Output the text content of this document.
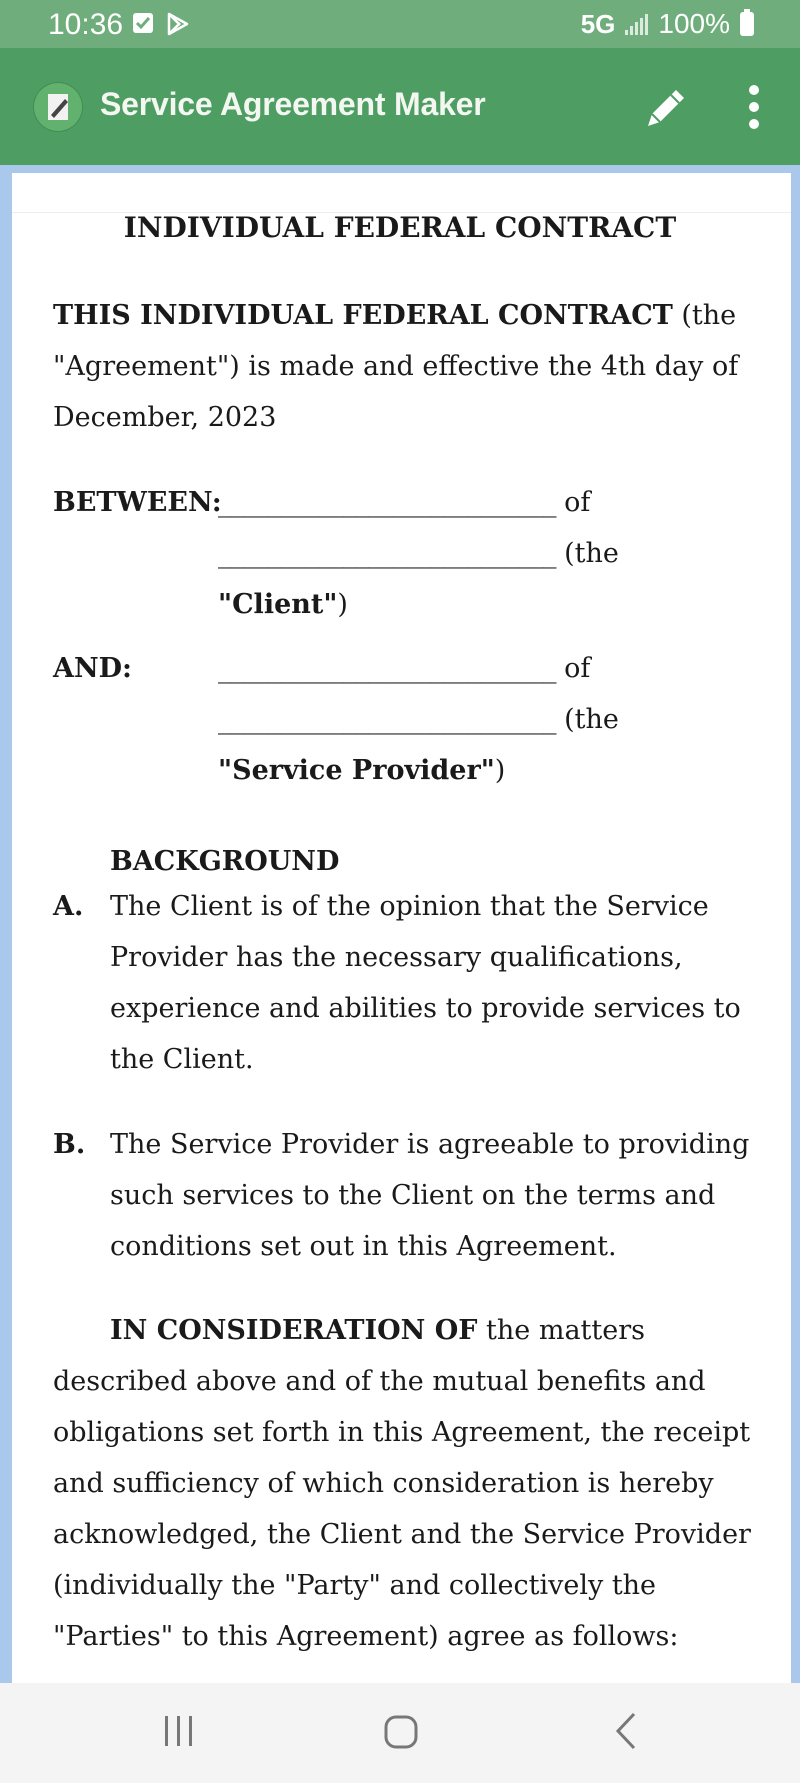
10:36	5G 100%
Service Agreement Maker
INDIVIDUAL FEDERAL CONTRACT
THIS INDIVIDUAL FEDERAL CONTRACT (the
"Agreement") is made and effective the 4th day of
December, 2023
BETWEEN:
___________________________ of
___________________________ (the
"Client")
AND:	___________________________ of
___________________________ (the
"Service Provider")
BACKGROUND
A. The Client is of the opinion that the Service
Provider has the necessary qualifications,
experience and abilities to provide services to
the Client.
B. The Service Provider is agreeable to providing
such services to the Client on the terms and
conditions set out in this Agreement.
IN CONSIDERATION OF the matters described above and of the mutual benefits and obligations set forth in this Agreement, the receipt and sufficiency of which consideration is hereby acknowledged, the Client and the Service Provider (individually the "Party" and collectively the "Parties" to this Agreement) agree as follows:
